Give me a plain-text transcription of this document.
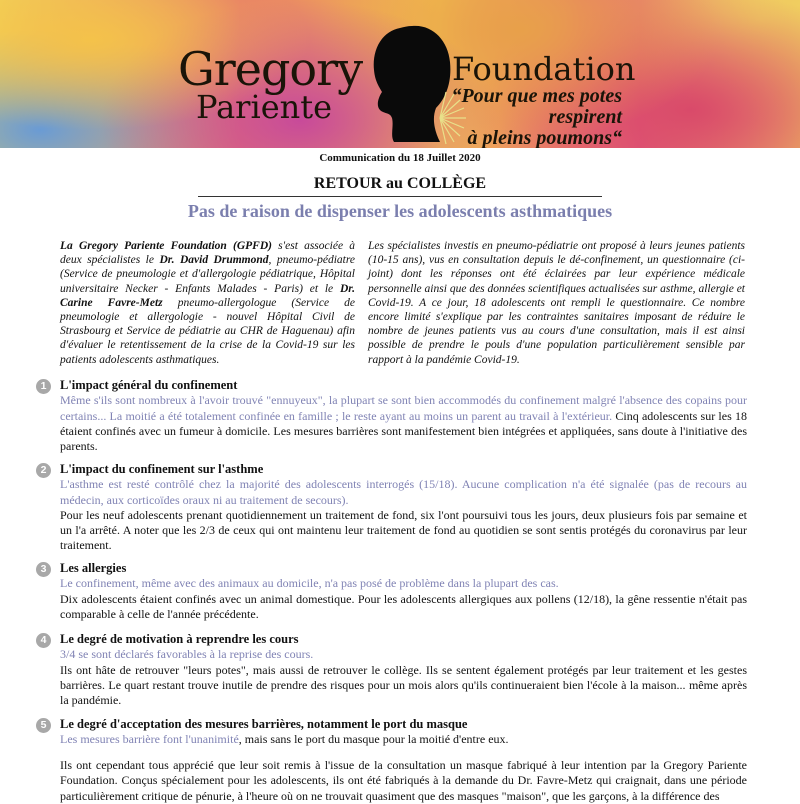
Gregory
Pariente
Foundation
“Pour que mes potes respirent
à pleins poumons“
Communication du 18 Juillet 2020
RETOUR au COLLÈGE
Pas de raison de dispenser les adolescents asthmatiques
La Gregory Pariente Foundation (GPFD) s'est associée à deux spécialistes le Dr. David Drummond, pneumo-pédiatre (Service de pneumologie et d'allergologie pédiatrique, Hôpital universitaire Necker - Enfants Malades - Paris) et le Dr. Carine Favre-Metz pneumo-allergologue (Service de pneumologie et allergologie - nouvel Hôpital Civil de Strasbourg et Service de pédiatrie au CHR de Haguenau) afin d'évaluer le retentissement de la crise de la Covid-19 sur les patients adolescents asthmatiques.
Les spécialistes investis en pneumo-pédiatrie ont proposé à leurs jeunes patients (10-15 ans), vus en consultation depuis le dé-confinement, un questionnaire (ci-joint) dont les réponses ont été éclairées par leur expérience médicale personnelle ainsi que des données scientifiques actualisées sur asthme, allergie et Covid-19. A ce jour, 18 adolescents ont rempli le questionnaire. Ce nombre encore limité s'explique par les contraintes sanitaires imposant de réduire le nombre de jeunes patients vus au cours d'une consultation, mais il est ainsi possible de prendre le pouls d'une population particulièrement sensible par rapport à la pandémie Covid-19.
1	L'impact général du confinement
Même s'ils sont nombreux à l'avoir trouvé "ennuyeux", la plupart se sont bien accommodés du confinement malgré l'absence des copains pour certains... La moitié a été totalement confinée en famille ; le reste ayant au moins un parent au travail à l'extérieur. Cinq adolescents sur les 18 étaient confinés avec un fumeur à domicile. Les mesures barrières sont manifestement bien intégrées et appliquées, sans doute à l'initiative des parents.
2	L'impact du confinement sur l'asthme
L'asthme est resté contrôlé chez la majorité des adolescents interrogés (15/18). Aucune complication n'a été signalée (pas de recours au médecin, aux corticoïdes oraux ni au traitement de secours).
Pour les neuf adolescents prenant quotidiennement un traitement de fond, six l'ont poursuivi tous les jours, deux plusieurs fois par semaine et un l'a arrêté. A noter que les 2/3 de ceux qui ont maintenu leur traitement de fond au quotidien se sont sentis protégés du coronavirus par leur traitement.
3	Les allergies
Le confinement, même avec des animaux au domicile, n'a pas posé de problème dans la plupart des cas.
Dix adolescents étaient confinés avec un animal domestique. Pour les adolescents allergiques aux pollens (12/18), la gêne ressentie n'était pas comparable à celle de l'année précédente.
4	Le degré de motivation à reprendre les cours
3/4 se sont déclarés favorables à la reprise des cours.
Ils ont hâte de retrouver "leurs potes", mais aussi de retrouver le collège. Ils se sentent également protégés par leur traitement et les gestes barrières. Le quart restant trouve inutile de prendre des risques pour un mois alors qu'ils continueraient bien l'école à la maison... même après la pandémie.
5	Le degré d'acceptation des mesures barrières, notamment le port du masque
Les mesures barrière font l'unanimité, mais sans le port du masque pour la moitié d'entre eux.
Ils ont cependant tous apprécié que leur soit remis à l'issue de la consultation un masque fabriqué à leur intention par la Gregory Pariente Foundation. Conçus spécialement pour les adolescents, ils ont été fabriqués à la demande du Dr. Favre-Metz qui craignait, dans une période particulièrement critique de pénurie, à l'heure où on ne trouvait quasiment que des masques "maison", que les garçons, à la différence des
